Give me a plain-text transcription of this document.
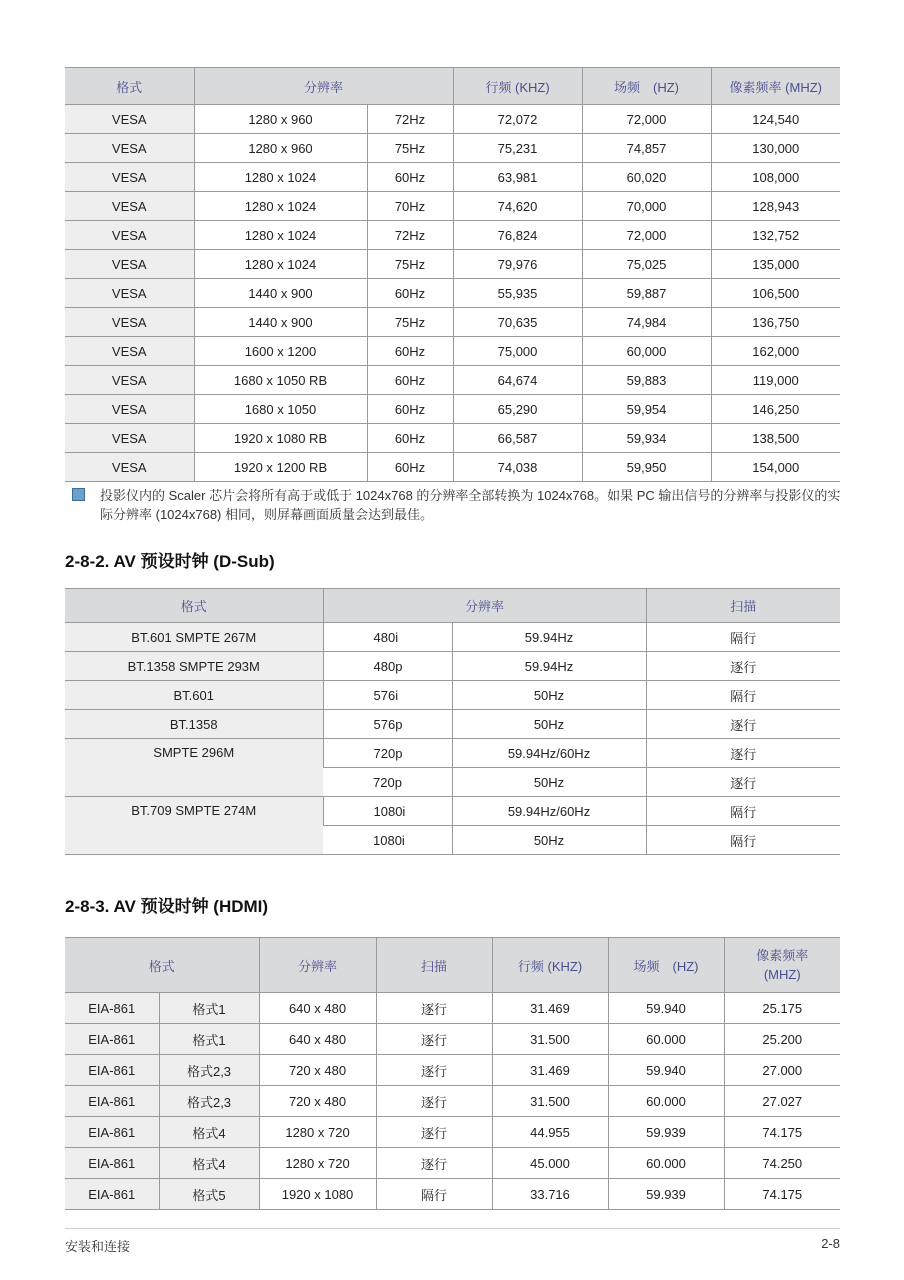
格式	分辨率		行频 (KHZ)	场频　(HZ)	像素频率 (MHZ)
VESA	1280 x 960	72Hz	72,072	72,000	124,540
VESA	1280 x 960	75Hz	75,231	74,857	130,000
VESA	1280 x 1024	60Hz	63,981	60,020	108,000
VESA	1280 x 1024	70Hz	74,620	70,000	128,943
VESA	1280 x 1024	72Hz	76,824	72,000	132,752
VESA	1280 x 1024	75Hz	79,976	75,025	135,000
VESA	1440 x 900	60Hz	55,935	59,887	106,500
VESA	1440 x 900	75Hz	70,635	74,984	136,750
VESA	1600 x 1200	60Hz	75,000	60,000	162,000
VESA	1680 x 1050 RB	60Hz	64,674	59,883	119,000
VESA	1680 x 1050	60Hz	65,290	59,954	146,250
VESA	1920 x 1080 RB	60Hz	66,587	59,934	138,500
VESA	1920 x 1200 RB	60Hz	74,038	59,950	154,000
投影仪内的 Scaler 芯片会将所有高于或低于 1024x768 的分辨率全部转换为 1024x768。如果 PC 输出信号的分辨率与投影仪的实际分辨率 (1024x768) 相同，则屏幕画面质量会达到最佳。
2-8-2. AV 预设时钟 (D-Sub)
格式	分辨率		扫描
BT.601 SMPTE 267M	480i	59.94Hz	隔行
BT.1358 SMPTE 293M	480p	59.94Hz	逐行
BT.601	576i	50Hz	隔行
BT.1358	576p	50Hz	逐行
SMPTE 296M	720p	59.94Hz/60Hz	逐行
	720p	50Hz	逐行
BT.709 SMPTE 274M	1080i	59.94Hz/60Hz	隔行
	1080i	50Hz	隔行
2-8-3. AV 预设时钟 (HDMI)
格式		分辨率	扫描	行频 (KHZ)	场频　(HZ)	像素频率 (MHZ)
EIA-861	格式1	640 x 480	逐行	31.469	59.940	25.175
EIA-861	格式1	640 x 480	逐行	31.500	60.000	25.200
EIA-861	格式2,3	720 x 480	逐行	31.469	59.940	27.000
EIA-861	格式2,3	720 x 480	逐行	31.500	60.000	27.027
EIA-861	格式4	1280 x 720	逐行	44.955	59.939	74.175
EIA-861	格式4	1280 x 720	逐行	45.000	60.000	74.250
EIA-861	格式5	1920 x 1080	隔行	33.716	59.939	74.175
安装和连接	2-8
